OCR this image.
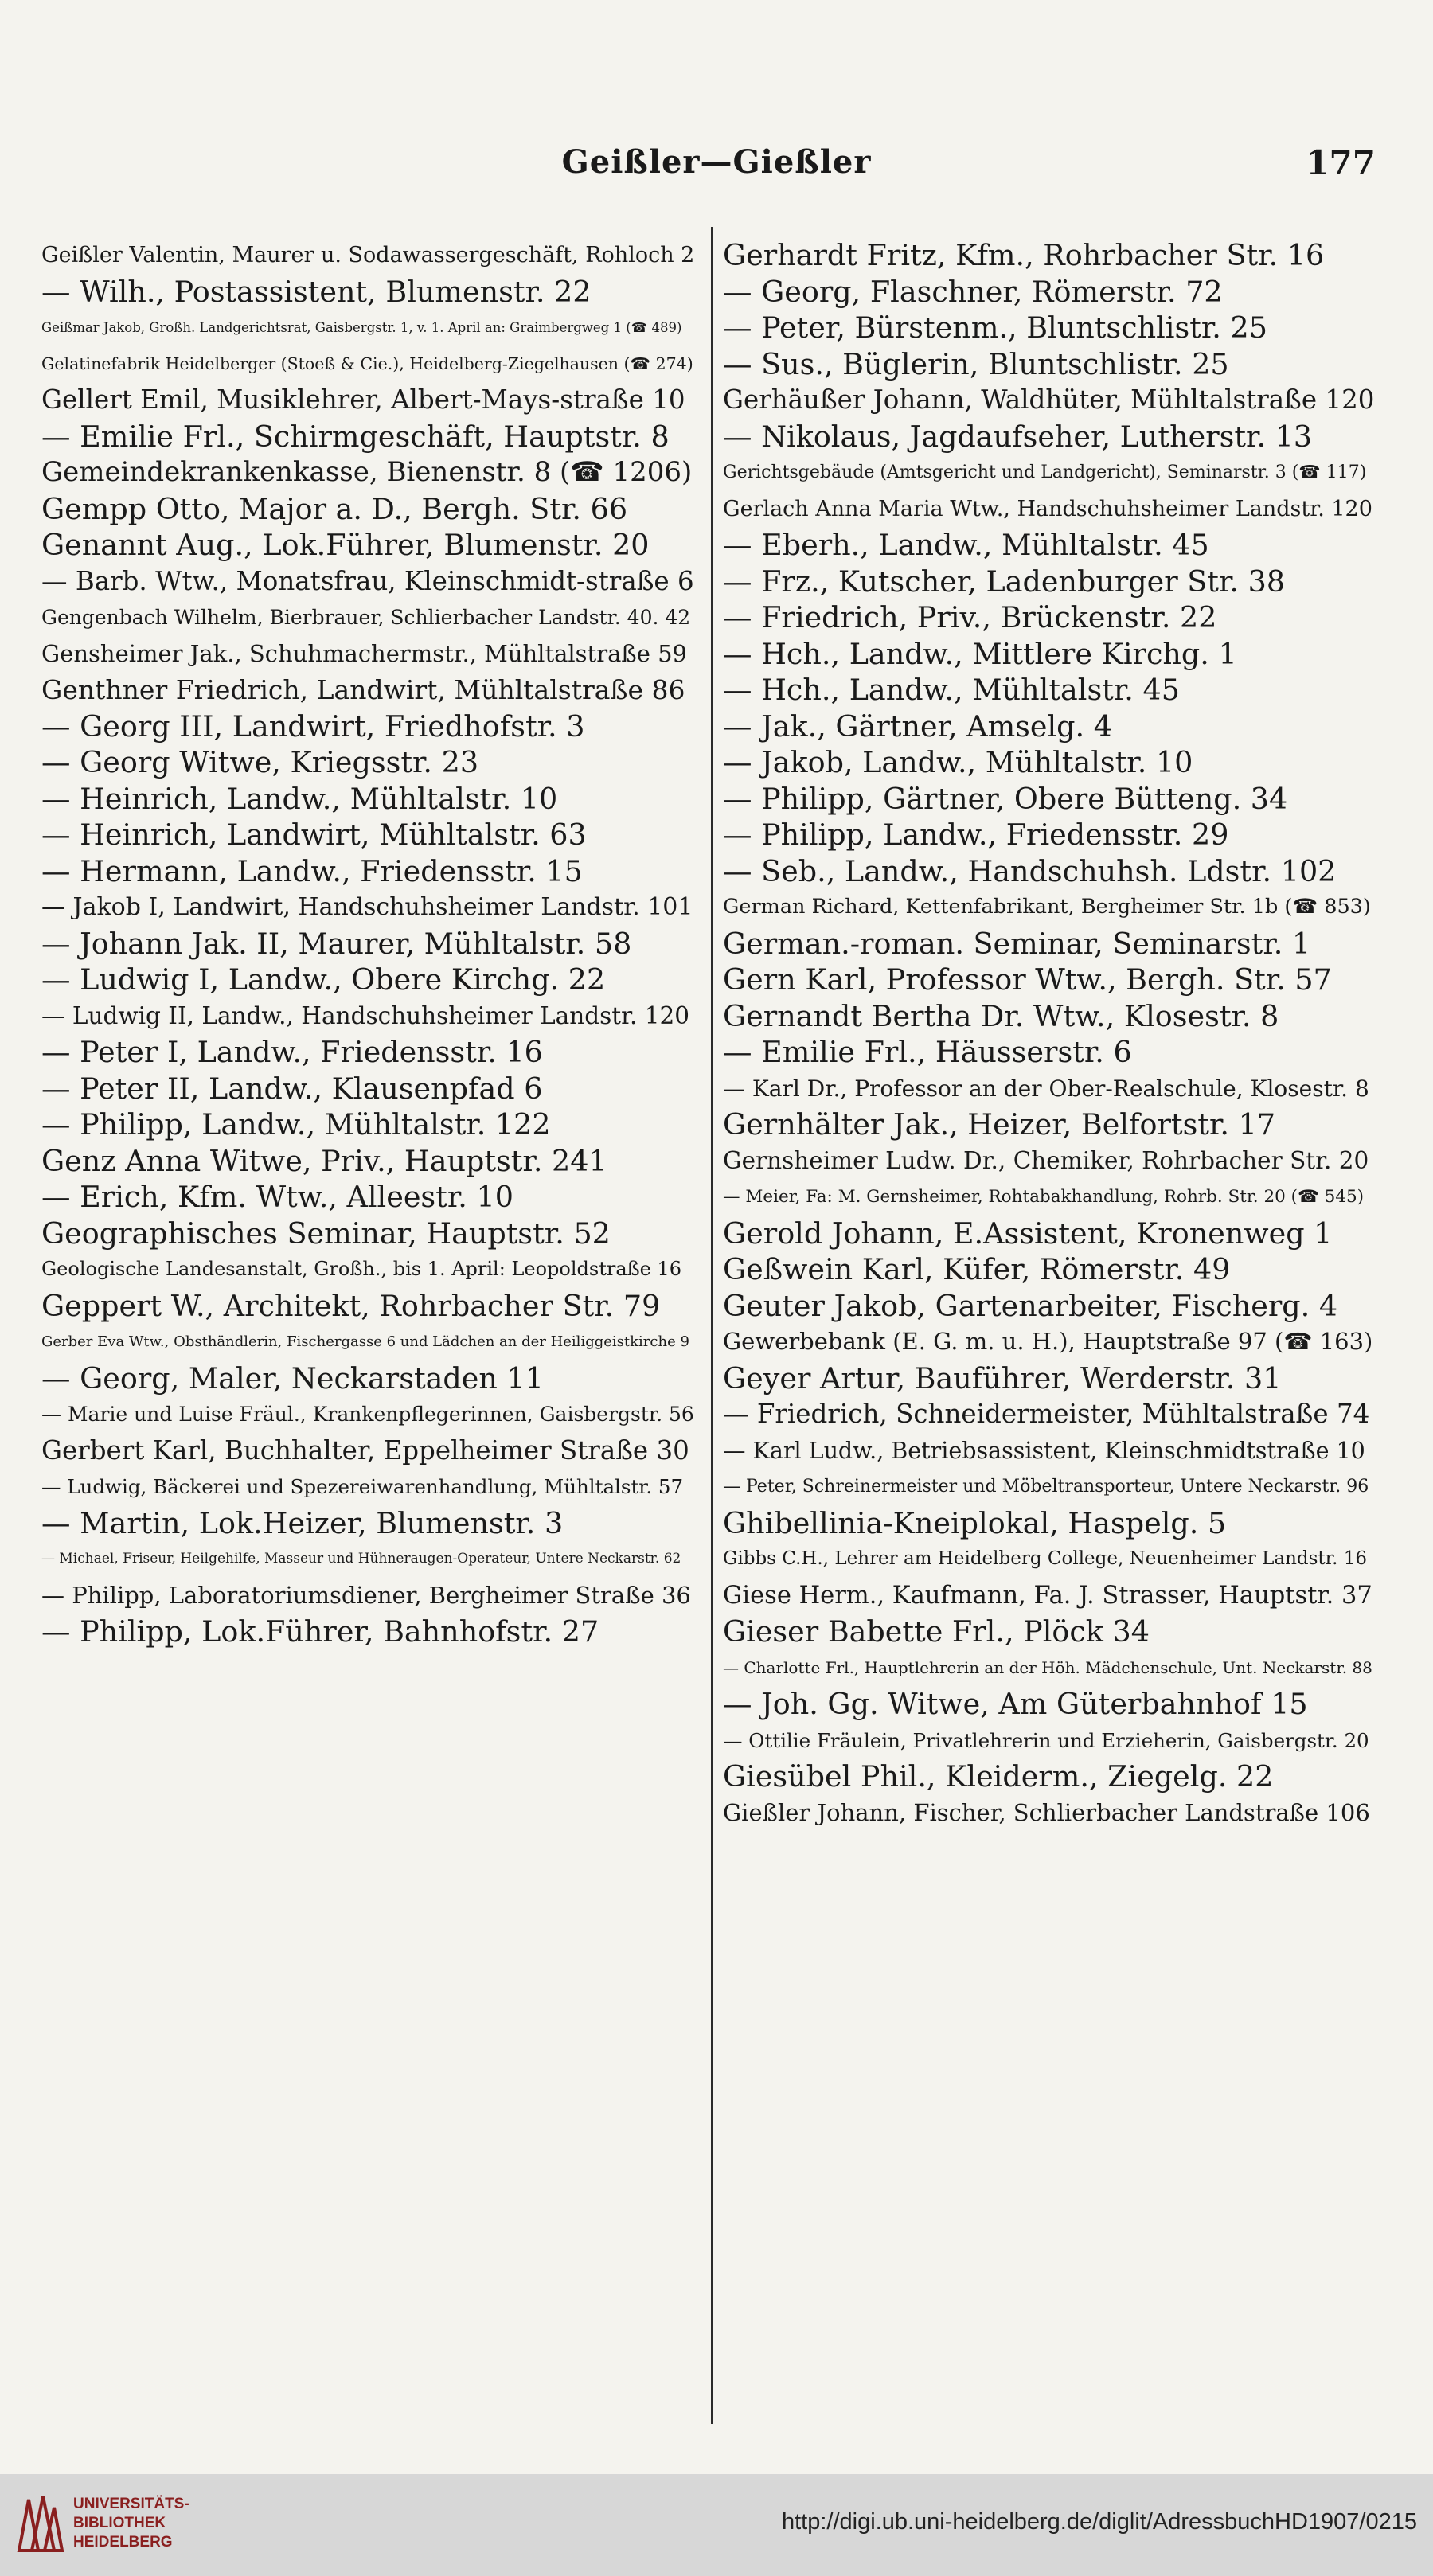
Geißler—Gießler	177
Geißler Valentin, Maurer u. Sodawassergeschäft, Rohloch 2
— Wilh., Postassistent, Blumenstr. 22
Geißmar Jakob, Großh. Landgerichtsrat, Gaisbergstr. 1, v. 1. April an: Graimbergweg 1 (☎ 489)
Gelatinefabrik Heidelberger (Stoeß & Cie.), Heidelberg-Ziegelhausen (☎ 274)
Gellert Emil, Musiklehrer, Albert-Mays-straße 10
— Emilie Frl., Schirmgeschäft, Hauptstr. 8
Gemeindekrankenkasse, Bienenstr. 8 (☎ 1206)
Gempp Otto, Major a. D., Bergh. Str. 66
Genannt Aug., Lok.Führer, Blumenstr. 20
— Barb. Wtw., Monatsfrau, Kleinschmidt-straße 6
Gengenbach Wilhelm, Bierbrauer, Schlierbacher Landstr. 40. 42
Gensheimer Jak., Schuhmachermstr., Mühltalstraße 59
Genthner Friedrich, Landwirt, Mühltalstraße 86
— Georg III, Landwirt, Friedhofstr. 3
— Georg Witwe, Kriegsstr. 23
— Heinrich, Landw., Mühltalstr. 10
— Heinrich, Landwirt, Mühltalstr. 63
— Hermann, Landw., Friedensstr. 15
— Jakob I, Landwirt, Handschuhsheimer Landstr. 101
— Johann Jak. II, Maurer, Mühltalstr. 58
— Ludwig I, Landw., Obere Kirchg. 22
— Ludwig II, Landw., Handschuhsheimer Landstr. 120
— Peter I, Landw., Friedensstr. 16
— Peter II, Landw., Klausenpfad 6
— Philipp, Landw., Mühltalstr. 122
Genz Anna Witwe, Priv., Hauptstr. 241
— Erich, Kfm. Wtw., Alleestr. 10
Geographisches Seminar, Hauptstr. 52
Geologische Landesanstalt, Großh., bis 1. April: Leopoldstraße 16
Geppert W., Architekt, Rohrbacher Str. 79
Gerber Eva Wtw., Obsthändlerin, Fischergasse 6 und Lädchen an der Heiliggeistkirche 9
— Georg, Maler, Neckarstaden 11
— Marie und Luise Fräul., Krankenpflegerinnen, Gaisbergstr. 56
Gerbert Karl, Buchhalter, Eppelheimer Straße 30
— Ludwig, Bäckerei und Spezereiwarenhandlung, Mühltalstr. 57
— Martin, Lok.Heizer, Blumenstr. 3
— Michael, Friseur, Heilgehilfe, Masseur und Hühneraugen-Operateur, Untere Neckarstr. 62
— Philipp, Laboratoriumsdiener, Bergheimer Straße 36
— Philipp, Lok.Führer, Bahnhofstr. 27
Gerhardt Fritz, Kfm., Rohrbacher Str. 16
— Georg, Flaschner, Römerstr. 72
— Peter, Bürstenm., Bluntschlistr. 25
— Sus., Büglerin, Bluntschlistr. 25
Gerhäußer Johann, Waldhüter, Mühltalstraße 120
— Nikolaus, Jagdaufseher, Lutherstr. 13
Gerichtsgebäude (Amtsgericht und Landgericht), Seminarstr. 3 (☎ 117)
Gerlach Anna Maria Wtw., Handschuhsheimer Landstr. 120
— Eberh., Landw., Mühltalstr. 45
— Frz., Kutscher, Ladenburger Str. 38
— Friedrich, Priv., Brückenstr. 22
— Hch., Landw., Mittlere Kirchg. 1
— Hch., Landw., Mühltalstr. 45
— Jak., Gärtner, Amselg. 4
— Jakob, Landw., Mühltalstr. 10
— Philipp, Gärtner, Obere Bütteng. 34
— Philipp, Landw., Friedensstr. 29
— Seb., Landw., Handschuhsh. Ldstr. 102
German Richard, Kettenfabrikant, Bergheimer Str. 1b (☎ 853)
German.-roman. Seminar, Seminarstr. 1
Gern Karl, Professor Wtw., Bergh. Str. 57
Gernandt Bertha Dr. Wtw., Klosestr. 8
— Emilie Frl., Häusserstr. 6
— Karl Dr., Professor an der Ober-Realschule, Klosestr. 8
Gernhälter Jak., Heizer, Belfortstr. 17
Gernsheimer Ludw. Dr., Chemiker, Rohrbacher Str. 20
— Meier, Fa: M. Gernsheimer, Rohtabakhandlung, Rohrb. Str. 20 (☎ 545)
Gerold Johann, E.Assistent, Kronenweg 1
Geßwein Karl, Küfer, Römerstr. 49
Geuter Jakob, Gartenarbeiter, Fischerg. 4
Gewerbebank (E. G. m. u. H.), Hauptstraße 97 (☎ 163)
Geyer Artur, Bauführer, Werderstr. 31
— Friedrich, Schneidermeister, Mühltalstraße 74
— Karl Ludw., Betriebsassistent, Kleinschmidtstraße 10
— Peter, Schreinermeister und Möbeltransporteur, Untere Neckarstr. 96
Ghibellinia-Kneiplokal, Haspelg. 5
Gibbs C.H., Lehrer am Heidelberg College, Neuenheimer Landstr. 16
Giese Herm., Kaufmann, Fa. J. Strasser, Hauptstr. 37
Gieser Babette Frl., Plöck 34
— Charlotte Frl., Hauptlehrerin an der Höh. Mädchenschule, Unt. Neckarstr. 88
— Joh. Gg. Witwe, Am Güterbahnhof 15
— Ottilie Fräulein, Privatlehrerin und Erzieherin, Gaisbergstr. 20
Giesübel Phil., Kleiderm., Ziegelg. 22
Gießler Johann, Fischer, Schlierbacher Landstraße 106
UNIVERSITÄTS-
BIBLIOTHEK
HEIDELBERG
http://digi.ub.uni-heidelberg.de/diglit/AdressbuchHD1907/0215
